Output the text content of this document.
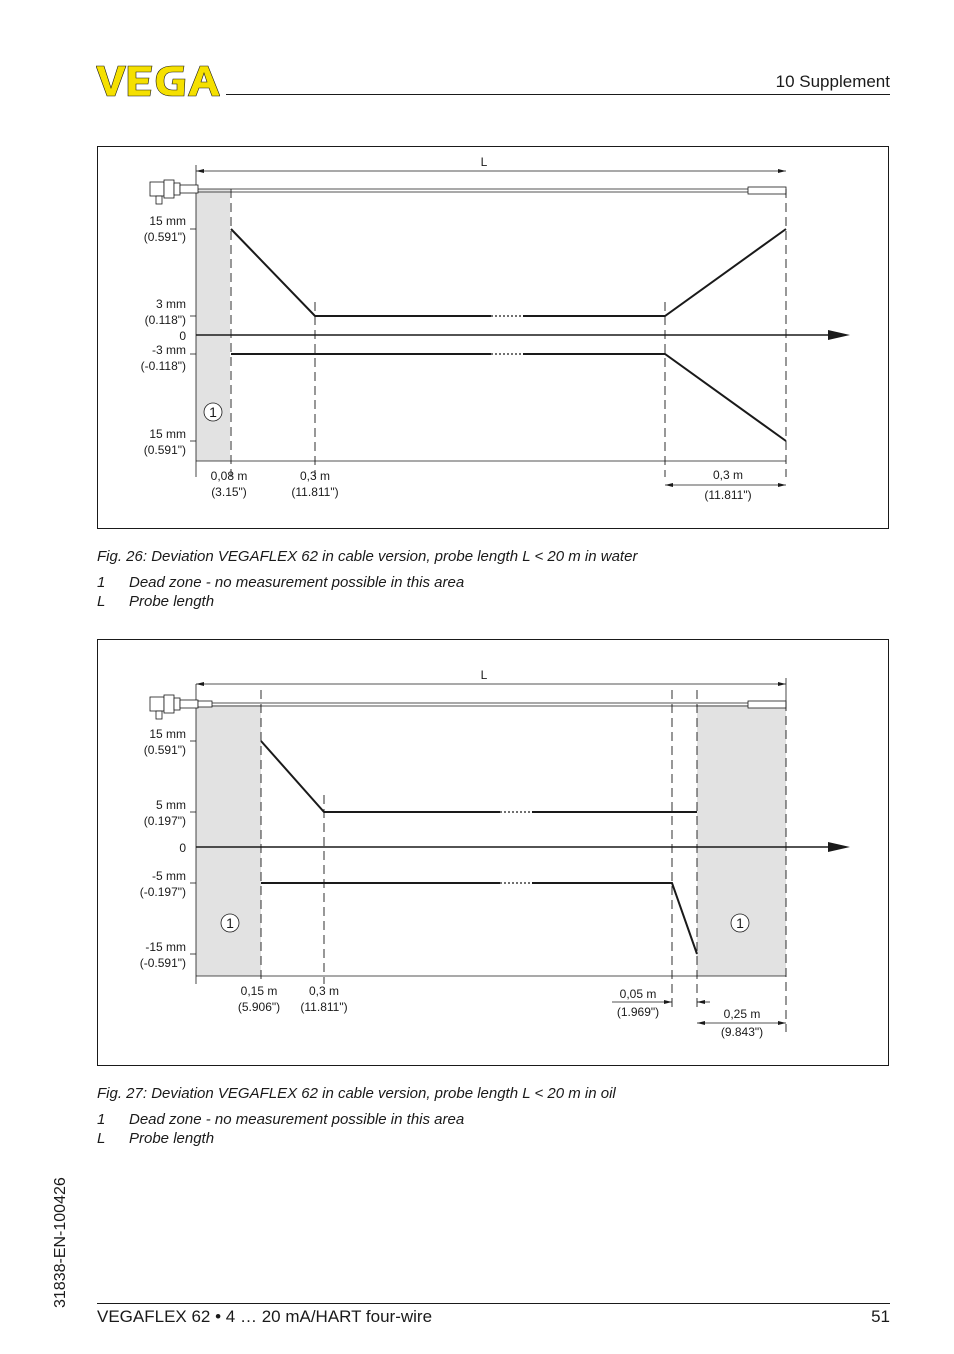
10 Supplement
L
1
15 mm
(0.591")
3 mm
(0.118")
0
-3 mm
(-0.118")
15 mm
(0.591")
0,08 m
(3.15")
0,3 m
(11.811")
0,3 m
(11.811")
Fig. 26: Deviation VEGAFLEX 62 in cable version, probe length L < 20 m in water
1 Dead zone - no measurement possible in this area
L Probe length
L
1	1
15 mm
(0.591")
5 mm
(0.197")
0
-5 mm
(-0.197")
-15 mm
(-0.591")
0,15 m
(5.906")
0,3 m
(11.811")
0,05 m
(1.969")	0,25 m
(9.843")
Fig. 27: Deviation VEGAFLEX 62 in cable version, probe length L < 20 m in oil
1 Dead zone - no measurement possible in this area
L Probe length
31838-EN-100426
VEGAFLEX 62 • 4 … 20 mA/HART four-wire	51
